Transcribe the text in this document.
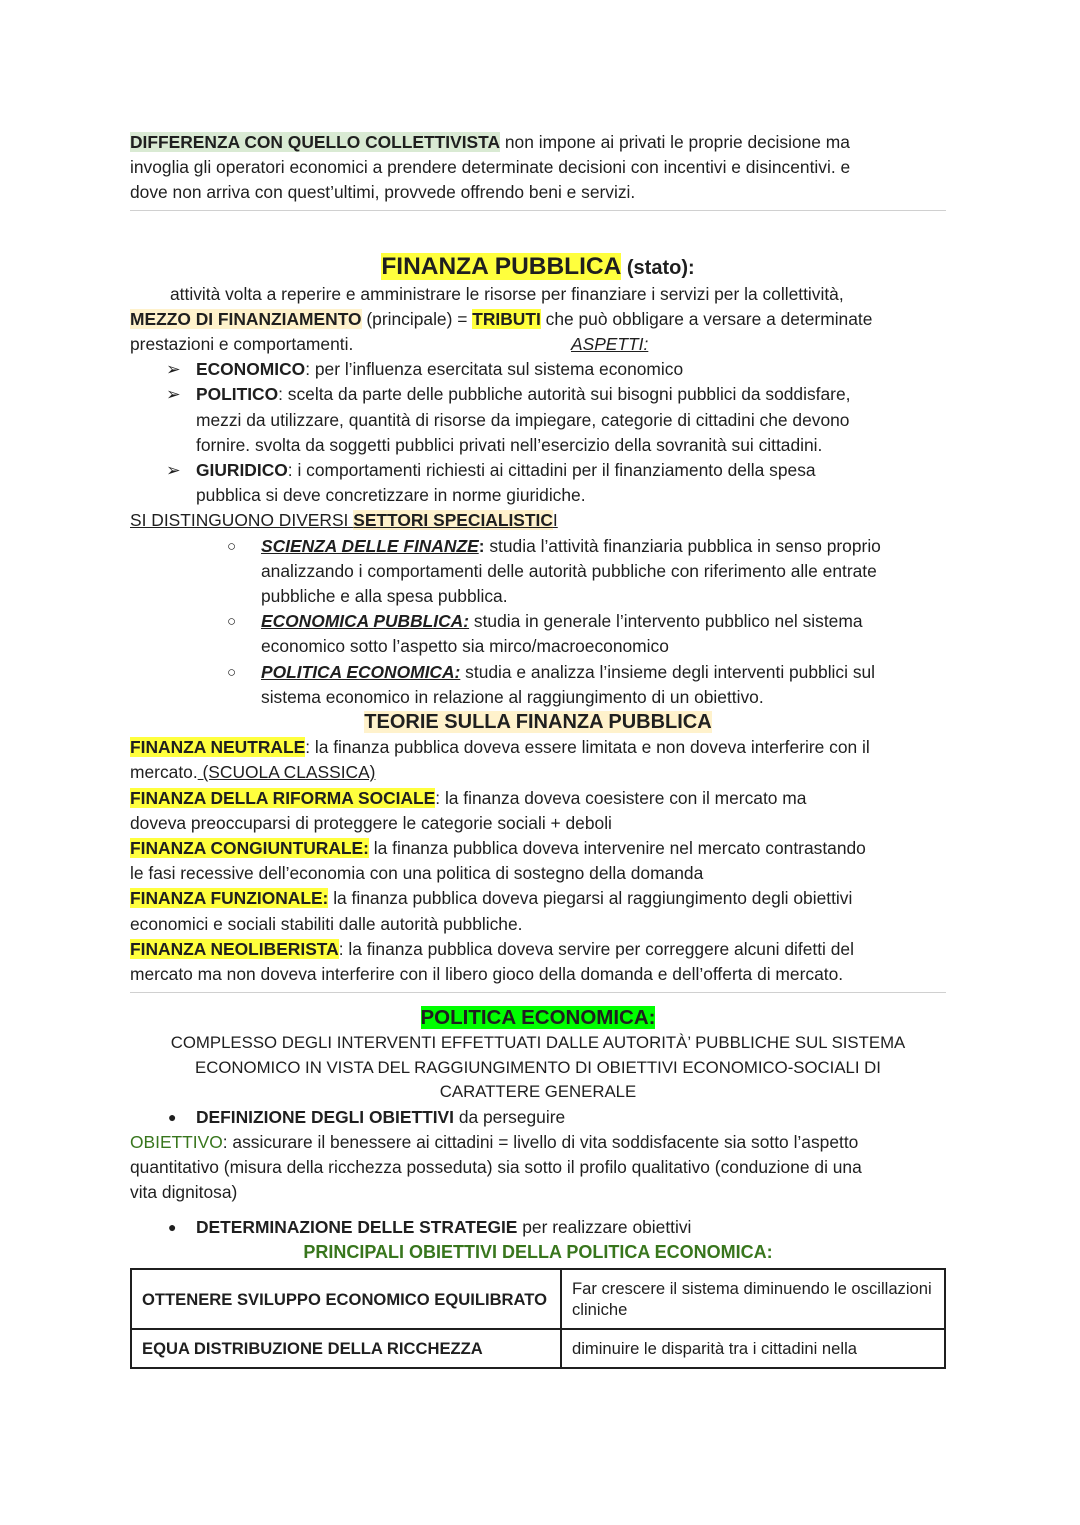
DIFFERENZA CON QUELLO COLLETTIVISTA non impone ai privati le proprie decisione ma

invoglia gli operatori economici a prendere determinate decisioni con incentivi e disincentivi. e

dove non arriva con quest’ultimi, provvede offrendo beni e servizi.

FINANZA PUBBLICA (stato):

attività volta a reperire e amministrare le risorse per finanziare i servizi per la collettività,

MEZZO DI FINANZIAMENTO (principale) = TRIBUTI che può obbligare a versare a determinate

prestazioni e comportamenti.	ASPETTI:

➢ ECONOMICO: per l’influenza esercitata sul sistema economico
➢ POLITICO: scelta da parte delle pubbliche autorità sui bisogni pubblici da soddisfare,
mezzi da utilizzare, quantità di risorse da impiegare, categorie di cittadini che devono
fornire. svolta da soggetti pubblici privati nell’esercizio della sovranità sui cittadini.
➢ GIURIDICO: i comportamenti richiesti ai cittadini per il finanziamento della spesa
pubblica si deve concretizzare in norme giuridiche.

SI DISTINGUONO DIVERSI SETTORI SPECIALISTICI

○ SCIENZA DELLE FINANZE: studia l’attività finanziaria pubblica in senso proprio
analizzando i comportamenti delle autorità pubbliche con riferimento alle entrate
pubbliche e alla spesa pubblica.
○ ECONOMICA PUBBLICA: studia in generale l’intervento pubblico nel sistema
economico sotto l’aspetto sia mirco/macroeconomico
○ POLITICA ECONOMICA: studia e analizza l’insieme degli interventi pubblici sul
sistema economico in relazione al raggiungimento di un obiettivo.
TEORIE SULLA FINANZA PUBBLICA

FINANZA NEUTRALE: la finanza pubblica doveva essere limitata e non doveva interferire con il
mercato. (SCUOLA CLASSICA)

FINANZA DELLA RIFORMA SOCIALE: la finanza doveva coesistere con il mercato ma
doveva preoccuparsi di proteggere le categorie sociali + deboli

FINANZA CONGIUNTURALE: la finanza pubblica doveva intervenire nel mercato contrastando
le fasi recessive dell’economia con una politica di sostegno della domanda

FINANZA FUNZIONALE: la finanza pubblica doveva piegarsi al raggiungimento degli obiettivi
economici e sociali stabiliti dalle autorità pubbliche.

FINANZA NEOLIBERISTA: la finanza pubblica doveva servire per correggere alcuni difetti del
mercato ma non doveva interferire con il libero gioco della domanda e dell’offerta di mercato.

POLITICA ECONOMICA:
COMPLESSO DEGLI INTERVENTI EFFETTUATI DALLE AUTORITÀ’ PUBBLICHE SUL SISTEMA
ECONOMICO IN VISTA DEL RAGGIUNGIMENTO DI OBIETTIVI ECONOMICO-SOCIALI DI
CARATTERE GENERALE
● DEFINIZIONE DEGLI OBIETTIVI da perseguire

OBIETTIVO: assicurare il benessere ai cittadini = livello di vita soddisfacente sia sotto l’aspetto
quantitativo (misura della ricchezza posseduta) sia sotto il profilo qualitativo (conduzione di una
vita dignitosa)

● DETERMINAZIONE DELLE STRATEGIE per realizzare obiettivi
PRINCIPALI OBIETTIVI DELLA POLITICA ECONOMICA:
OTTENERE SVILUPPO ECONOMICO EQUILIBRATO	Far crescere il sistema diminuendo le oscillazioni cliniche
EQUA DISTRIBUZIONE DELLA RICCHEZZA	diminuire le disparità tra i cittadini nella
